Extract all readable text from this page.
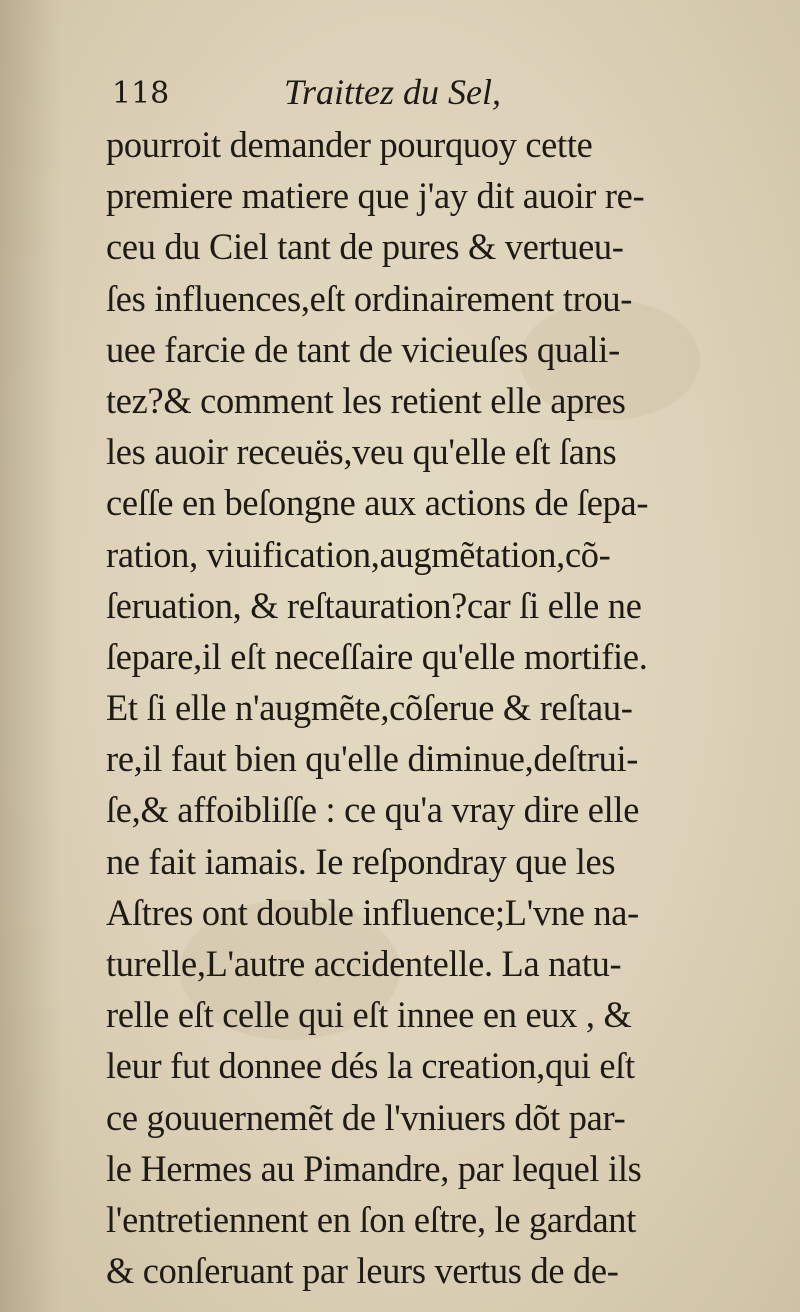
118	Traittez du Sel,
pourroit demander pourquoy cette
premiere matiere que j'ay dit auoir re-
ceu du Ciel tant de pures & vertueu-
ſes influences,eſt ordinairement trou-
uee farcie de tant de vicieuſes quali-
tez?& comment les retient elle apres
les auoir receuës,veu qu'elle eſt ſans
ceſſe en beſongne aux actions de ſepa-
ration, viuification,augmẽtation,cõ-
ſeruation, & reſtauration?car ſi elle ne
ſepare,il eſt neceſſaire qu'elle mortifie.
Et ſi elle n'augmẽte,cõſerue & reſtau-
re,il faut bien qu'elle diminue,deſtrui-
ſe,& affoibliſſe : ce qu'a vray dire elle
ne fait iamais. Ie reſpondray que les
Aſtres ont double influence;L'vne na-
turelle,L'autre accidentelle. La natu-
relle eſt celle qui eſt innee en eux , &
leur fut donnee dés la creation,qui eſt
ce gouuernemẽt de l'vniuers dõt par-
le Hermes au Pimandre, par lequel ils
l'entretiennent en ſon eſtre, le gardant
& conſeruant par leurs vertus de de-
